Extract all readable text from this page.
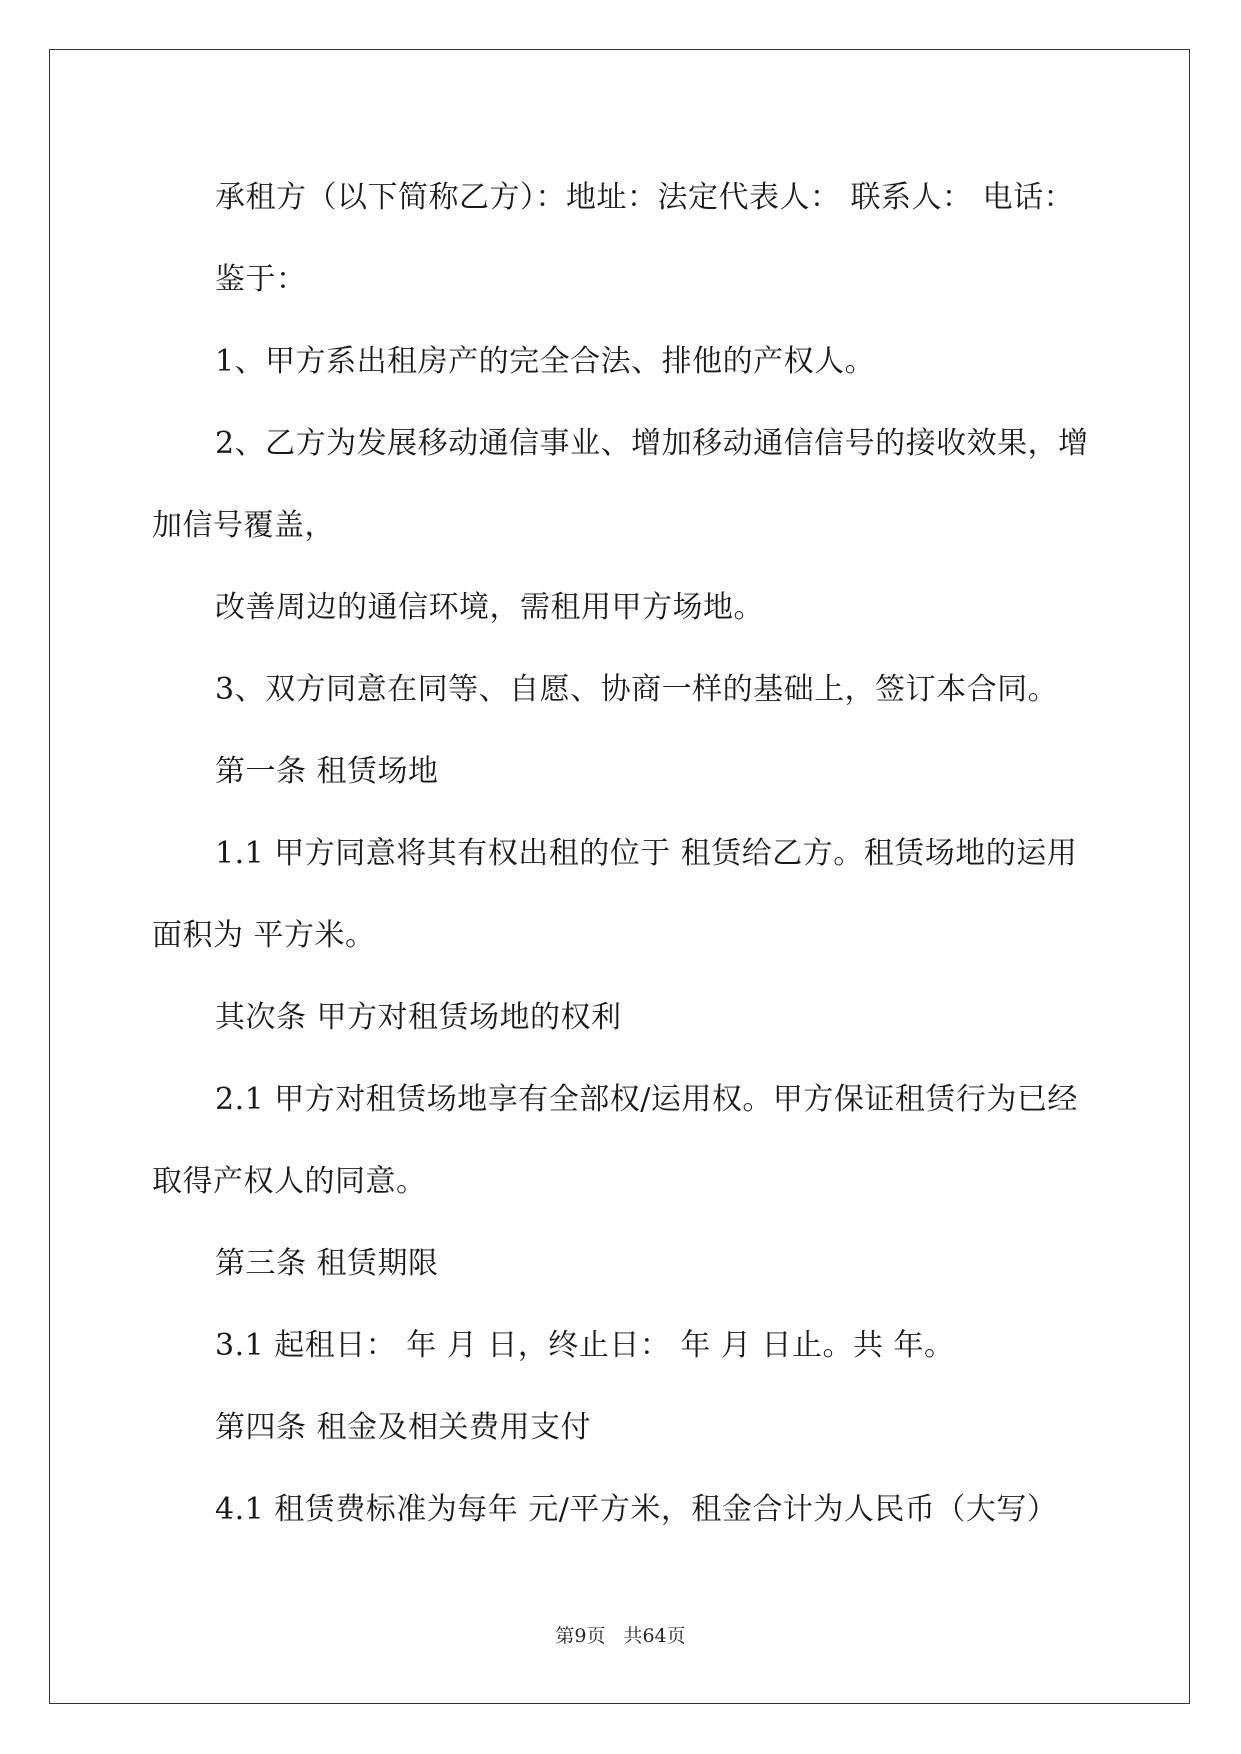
承租方（以下简称乙方）：地址：法定代表人： 联系人： 电话：

鉴于：

1、甲方系出租房产的完全合法、排他的产权人。

2、乙方为发展移动通信事业、增加移动通信信号的接收效果，增

加信号覆盖，

改善周边的通信环境，需租用甲方场地。

3、双方同意在同等、自愿、协商一样的基础上，签订本合同。

第一条 租赁场地

1.1 甲方同意将其有权出租的位于 租赁给乙方。租赁场地的运用

面积为 平方米。

其次条 甲方对租赁场地的权利

2.1 甲方对租赁场地享有全部权/运用权。甲方保证租赁行为已经

取得产权人的同意。

第三条 租赁期限

3.1 起租日： 年 月 日，终止日： 年 月 日止。共 年。

第四条 租金及相关费用支付

4.1 租赁费标准为每年 元/平方米，租金合计为人民币（大写）

第9页 共64页
